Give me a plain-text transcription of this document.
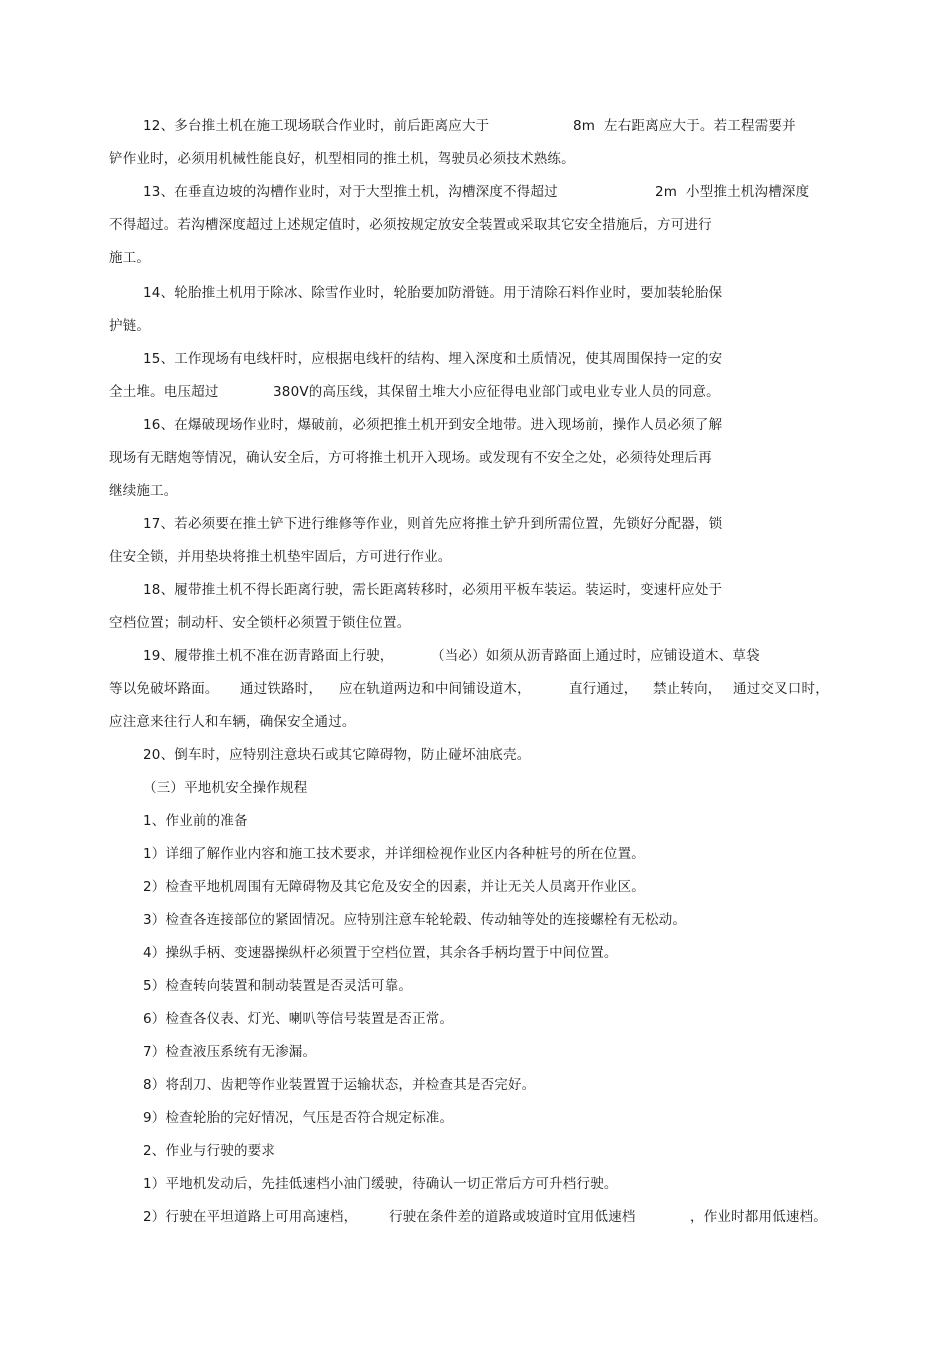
12、多台推土机在施工现场联合作业时，前后距离应大于	8m 左右距离应大于。若工程需要并
铲作业时，必须用机械性能良好，机型相同的推土机，驾驶员必须技术熟练。
13、在垂直边坡的沟槽作业时，对于大型推土机，沟槽深度不得超过	2m 小型推土机沟槽深度
不得超过。若沟槽深度超过上述规定值时，必须按规定放安全装置或采取其它安全措施后，方可进行
施工。
14、轮胎推土机用于除冰、除雪作业时，轮胎要加防滑链。用于清除石料作业时，要加装轮胎保
护链。
15、工作现场有电线杆时，应根据电线杆的结构、埋入深度和土质情况，使其周围保持一定的安
全土堆。电压超过	380V的高压线，其保留土堆大小应征得电业部门或电业专业人员的同意。
16、在爆破现场作业时，爆破前，必须把推土机开到安全地带。进入现场前，操作人员必须了解
现场有无瞎炮等情况，确认安全后，方可将推土机开入现场。或发现有不安全之处，必须待处理后再
继续施工。
17、若必须要在推土铲下进行维修等作业，则首先应将推土铲升到所需位置，先锁好分配器，锁
住安全锁，并用垫块将推土机垫牢固后，方可进行作业。
18、履带推土机不得长距离行驶，需长距离转移时，必须用平板车装运。装运时，变速杆应处于
空档位置；制动杆、安全锁杆必须置于锁住位置。
19、履带推土机不准在沥青路面上行驶，	（当必）如须从沥青路面上通过时，应铺设道木、草袋
等以免破坏路面。 通过铁路时， 应在轨道两边和中间铺设道木，	直行通过， 禁止转向， 通过交叉口时，
应注意来往行人和车辆，确保安全通过。
20、倒车时，应特别注意块石或其它障碍物，防止碰坏油底壳。
（三）平地机安全操作规程
1、作业前的准备
1）详细了解作业内容和施工技术要求，并详细检视作业区内各种桩号的所在位置。
2）检查平地机周围有无障碍物及其它危及安全的因素，并让无关人员离开作业区。
3）检查各连接部位的紧固情况。应特别注意车轮轮毂、传动轴等处的连接螺栓有无松动。
4）操纵手柄、变速器操纵杆必须置于空档位置，其余各手柄均置于中间位置。
5）检查转向装置和制动装置是否灵活可靠。
6）检查各仪表、灯光、喇叭等信号装置是否正常。
7）检查液压系统有无渗漏。
8）将刮刀、齿耙等作业装置置于运输状态，并检查其是否完好。
9）检查轮胎的完好情况，气压是否符合规定标准。
2、作业与行驶的要求
1）平地机发动后，先挂低速档小油门缓驶，待确认一切正常后方可升档行驶。
2）行驶在平坦道路上可用高速档， 行驶在条件差的道路或坡道时宜用低速档	，作业时都用低速档。
